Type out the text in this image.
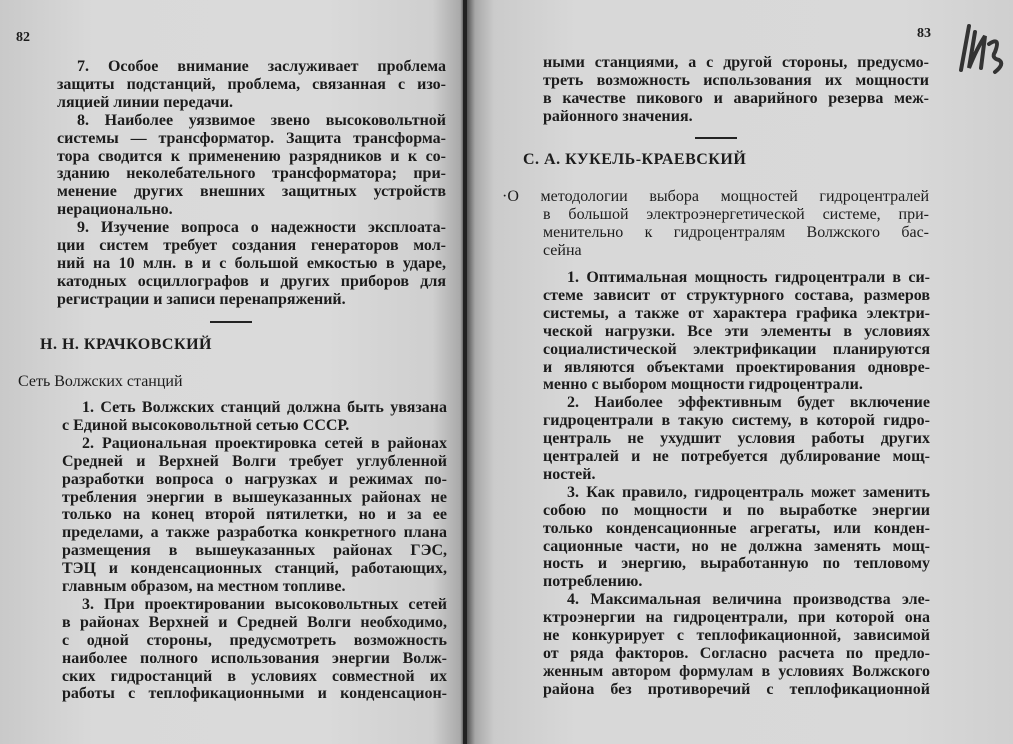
82
Н. Н. КРАЧКОВСКИЙ
Сеть Волжских станций
7. Особое внимание заслуживает проблема
защиты подстанций, проблема, связанная с изо-
ляцией линии передачи.
8. Наиболее уязвимое звено высоковольтной
системы — трансформатор. Защита трансформа-
тора сводится к применению разрядников и к со-
зданию неколебательного трансформатора; при-
менение других внешних защитных устройств
нерационально.
9. Изучение вопроса о надежности эксплоата-
ции систем требует создания генераторов мол-
ний на 10 млн. в и с большой емкостью в ударе,
катодных осциллографов и других приборов для
регистрации и записи перенапряжений.
1. Сеть Волжских станций должна быть увязана
с Единой высоковольтной сетью СССР.
2. Рациональная проектировка сетей в районах
Средней и Верхней Волги требует углубленной
разработки вопроса о нагрузках и режимах по-
требления энергии в вышеуказанных районах не
только на конец второй пятилетки, но и за ее
пределами, а также разработка конкретного плана
размещения в вышеуказанных районах ГЭС,
ТЭЦ и конденсационных станций, работающих,
главным образом, на местном топливе.
3. При проектировании высоковольтных сетей
в районах Верхней и Средней Волги необходимо,
с одной стороны, предусмотреть возможность
наиболее полного использования энергии Волж-
ских гидростанций в условиях совместной их
работы с теплофикационными и конденсацион-
83
С. А. КУКЕЛЬ-КРАЕВСКИЙ
ными станциями, а с другой стороны, предусмо-
треть возможность использования их мощности
в качестве пикового и аварийного резерва меж-
районного значения.
·О методологии выбора мощностей гидроцентралей
в большой электроэнергетической системе, при-
менительно к гидроцентралям Волжского бас-
сейна
1. Оптимальная мощность гидроцентрали в си-
стеме зависит от структурного состава, размеров
системы, а также от характера графика электри-
ческой нагрузки. Все эти элементы в условиях
социалистической электрификации планируются
и являются объектами проектирования одновре-
менно с выбором мощности гидроцентрали.
2. Наиболее эффективным будет включение
гидроцентрали в такую систему, в которой гидро-
централь не ухудшит условия работы других
централей и не потребуется дублирование мощ-
ностей.
3. Как правило, гидроцентраль может заменить
собою по мощности и по выработке энергии
только конденсационные агрегаты, или конден-
сационные части, но не должна заменять мощ-
ность и энергию, выработанную по тепловому
потреблению.
4. Максимальная величина производства эле-
ктроэнергии на гидроцентрали, при которой она
не конкурирует с теплофикационной, зависимой
от ряда факторов. Согласно расчета по предло-
женным автором формулам в условиях Волжского
района без противоречий с теплофикационной
